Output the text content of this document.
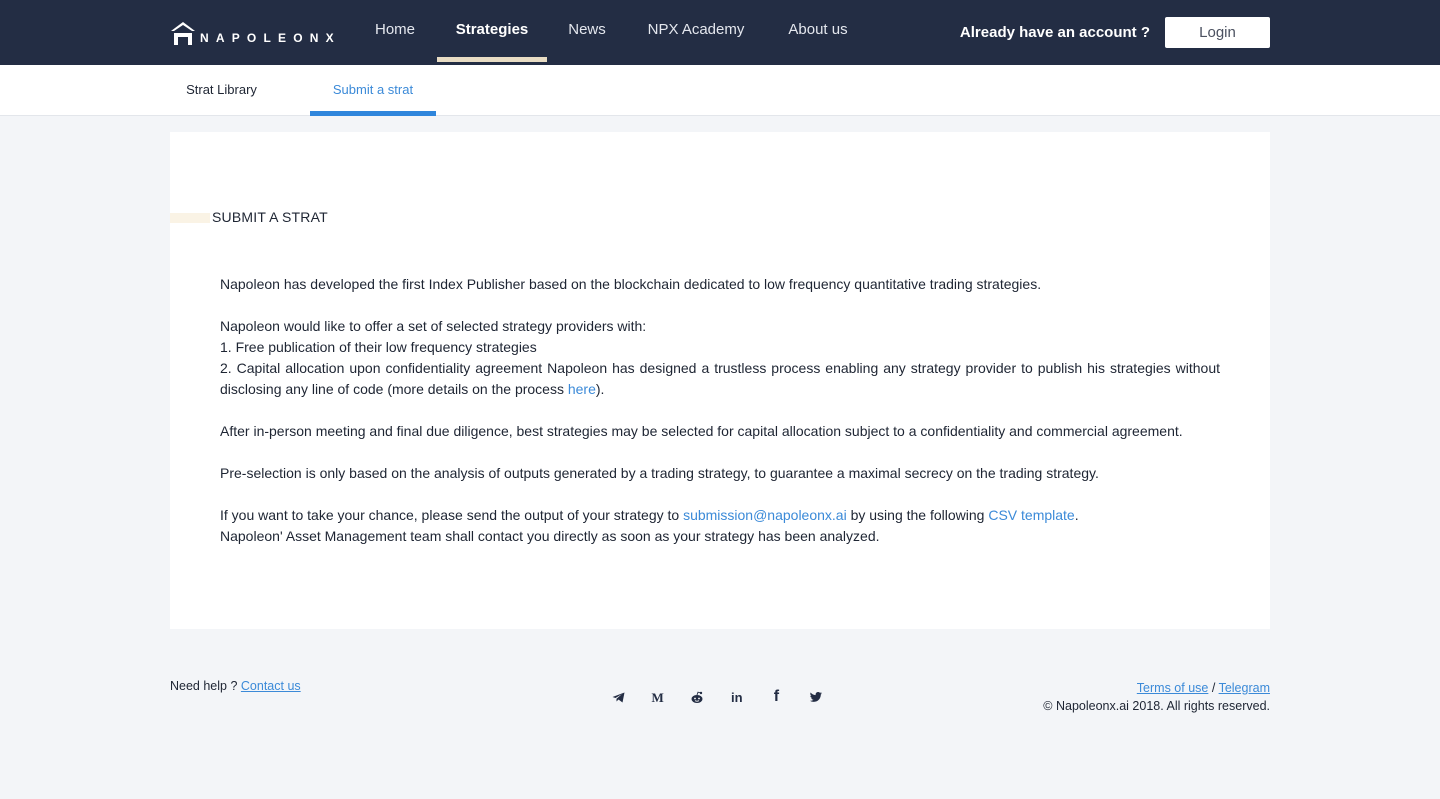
NAPOLEONX	Home	Strategies	News	NPX Academy	About us	Already have an account ?	Login
Strat Library	Submit a strat
SUBMIT A STRAT

Napoleon has developed the first Index Publisher based on the blockchain dedicated to low frequency quantitative trading strategies.

Napoleon would like to offer a set of selected strategy providers with:
1. Free publication of their low frequency strategies
2. Capital allocation upon confidentiality agreement Napoleon has designed a trustless process enabling any strategy provider to publish his strategies without disclosing any line of code (more details on the process here).

After in-person meeting and final due diligence, best strategies may be selected for capital allocation subject to a confidentiality and commercial agreement.

Pre-selection is only based on the analysis of outputs generated by a trading strategy, to guarantee a maximal secrecy on the trading strategy.

If you want to take your chance, please send the output of your strategy to submission@napoleonx.ai by using the following CSV template.
Napoleon' Asset Management team shall contact you directly as soon as your strategy has been analyzed.

Need help ? Contact us
M	in f	Terms of use / Telegram
© Napoleonx.ai 2018. All rights reserved.
